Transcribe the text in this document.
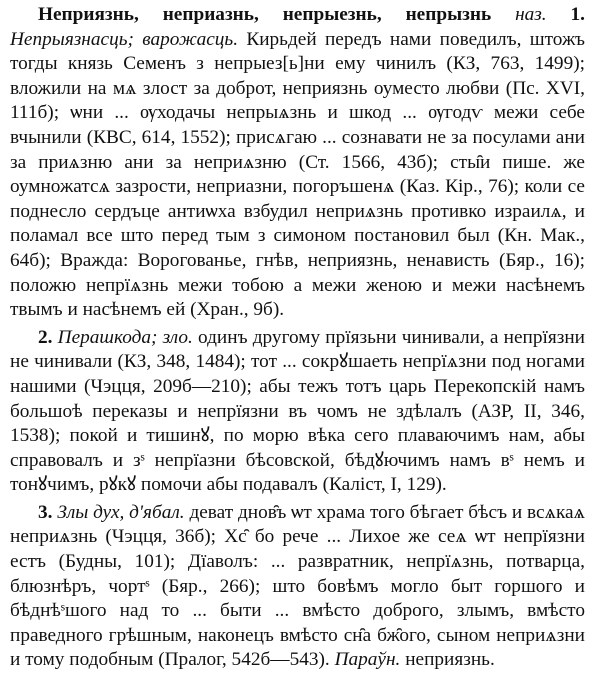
Неприязнь, неприазнь, непрыезнь, непрызнь наз. 1. Непрыязнасць; варожасць. Кирьдей передъ нами поведилъ, штожъ тогды князь Семенъ з непрыез[ь]ни ему чинилъ (КЗ, 763, 1499); вложили на мѧ злост за доброт, неприязнь оуместо любви (Пс. XVI, 111б); ѡни ... ѹходачы непрыѧзнь и шкод ... ѹгодѵ межи себе вчынили (КВС, 614, 1552); присѧгаю ... сознавати не за посулами ани за приѧзню ани за неприѧзню (Ст. 1566, 43б); сты̑и пише. же оумножатсѧ зазрости, неприазни, погоръшенѧ (Каз. Кір., 76); коли се поднесло сердъце антиѡха взбудил неприѧзнь противко израилѧ, и поламал все што перед тым з симоном постановил был (Кн. Мак., 64б); Вражда: Ворогованье, гнѣв, неприязнь, ненависть (Бяр., 16); положю непрїѧзнь межи тобою а межи женою и межи насѣнемъ твымъ и насѣнемъ ей (Хран., 9б).

2. Перашкода; зло. одинъ другому прїязьни чинивали, а непрїязни не чинивали (КЗ, 348, 1484); тот ... сокрꙋшаеть непрїѧзни под ногами нашими (Чэцця, 209б—210); абы тежъ тотъ царь Перекопскій намъ большоѣ переказы и непрїязни въ чомъ не здѣлалъ (АЗР, II, 346, 1538); покой и тишинꙋ, по морю вѣка сего плаваючимъ нам, абы справовалъ и зˢ непрїазни бѣсовской, бѣдꙋючимъ намъ вˢ немъ и тонꙋчимъ, рꙋкꙋ помочи абы подавалъ (Каліст, I, 129).

3. Злы дух, д'ябал. деват днов̑ъ ѡт храма того бѣгает бѣсъ и всѧкаѧ неприѧзнь (Чэцця, 36б); Хс̑ бо рече ... Лихое же сеѧ ѡт непрїязни естъ (Будны, 101); Дїаволъ: ... развратник, непрїѧзнь, потварца, блюзнѣръ, чортˢ (Бяр., 266); што бовѣмъ могло быт горшого и бѣднѣˢшого над то ... быти ... вмѣсто доброго, злымъ, вмѣсто праведного грѣшным, наконецъ вмѣсто сн̑а бж̑ого, сыном неприѧзни и тому подобным (Пралог, 542б—543). Параўн. неприязнь.
